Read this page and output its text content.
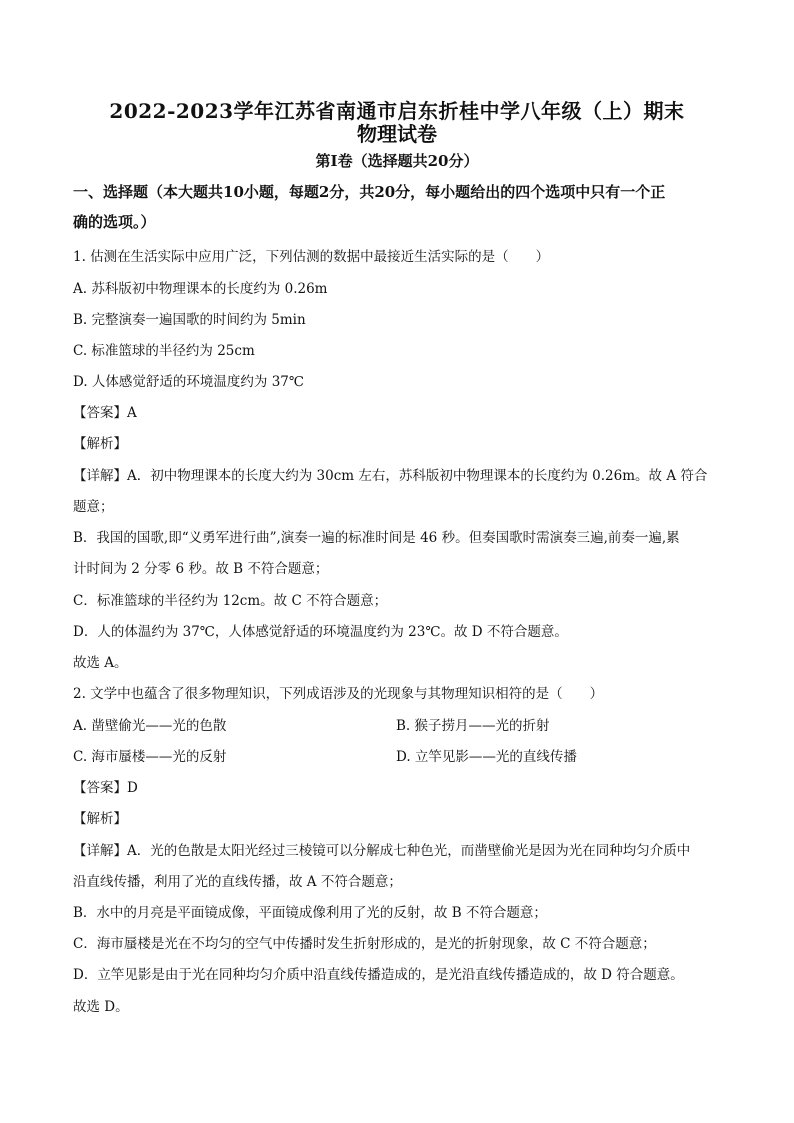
2022-2023学年江苏省南通市启东折桂中学八年级（上）期末
物理试卷
第Ⅰ卷（选择题共20分）
一、选择题（本大题共10小题，每题2分，共20分，每小题给出的四个选项中只有一个正
确的选项。）
1. 估测在生活实际中应用广泛，下列估测的数据中最接近生活实际的是（　　）
A. 苏科版初中物理课本的长度约为 0.26m
B. 完整演奏一遍国歌的时间约为 5min
C. 标准篮球的半径约为 25cm
D. 人体感觉舒适的环境温度约为 37℃
【答案】A
【解析】
【详解】A．初中物理课本的长度大约为 30cm 左右，苏科版初中物理课本的长度约为 0.26m。故 A 符合
题意；
B．我国的国歌,即“义勇军进行曲”,演奏一遍的标准时间是 46 秒。但奏国歌时需演奏三遍,前奏一遍,累
计时间为 2 分零 6 秒。故 B 不符合题意；
C．标准篮球的半径约为 12cm。故 C 不符合题意；
D．人的体温约为 37℃，人体感觉舒适的环境温度约为 23℃。故 D 不符合题意。
故选 A。
2. 文学中也蕴含了很多物理知识，下列成语涉及的光现象与其物理知识相符的是（　　）
A. 凿壁偷光——光的色散	B. 猴子捞月——光的折射
C. 海市蜃楼——光的反射	D. 立竿见影——光的直线传播
【答案】D
【解析】
【详解】A．光的色散是太阳光经过三棱镜可以分解成七种色光，而凿壁偷光是因为光在同种均匀介质中
沿直线传播，利用了光的直线传播，故 A 不符合题意；
B．水中的月亮是平面镜成像，平面镜成像利用了光的反射，故 B 不符合题意；
C．海市蜃楼是光在不均匀的空气中传播时发生折射形成的，是光的折射现象，故 C 不符合题意；
D．立竿见影是由于光在同种均匀介质中沿直线传播造成的，是光沿直线传播造成的，故 D 符合题意。
故选 D。
